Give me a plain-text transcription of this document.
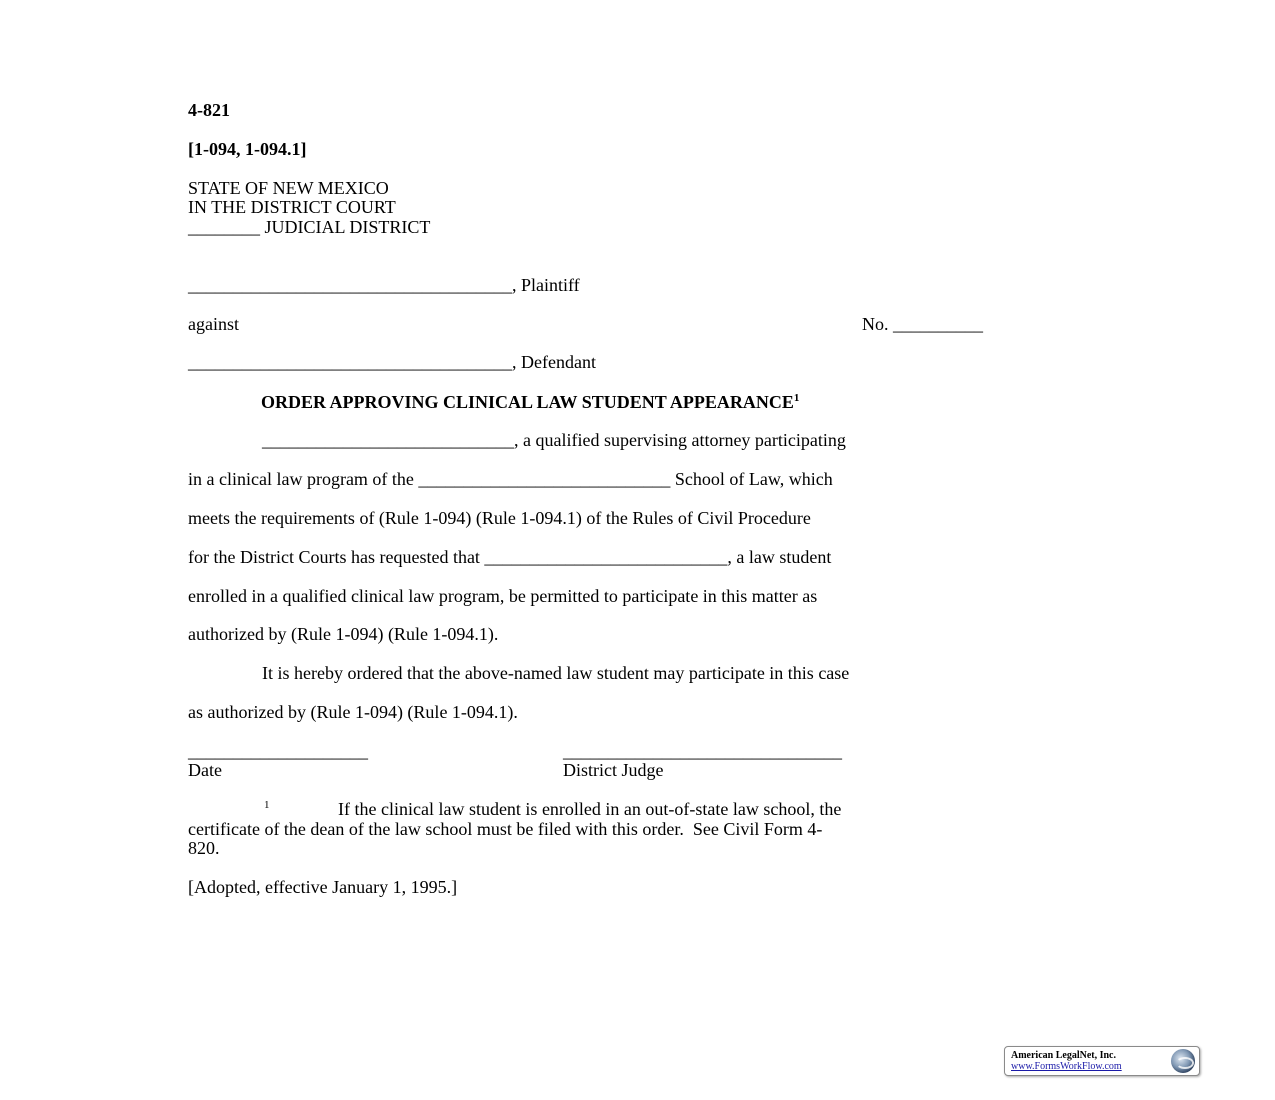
4-821
[1-094, 1-094.1]
STATE OF NEW MEXICO
IN THE DISTRICT COURT
________ JUDICIAL DISTRICT
____________________________________, Plaintiff
against	No. __________
____________________________________, Defendant
ORDER APPROVING CLINICAL LAW STUDENT APPEARANCE$^1$
____________________________, a qualified supervising attorney participating
in a clinical law program of the ____________________________ School of Law, which
meets the requirements of (Rule 1-094) (Rule 1-094.1) of the Rules of Civil Procedure
for the District Courts has requested that ___________________________, a law student
enrolled in a qualified clinical law program, be permitted to participate in this matter as
authorized by (Rule 1-094) (Rule 1-094.1).
It is hereby ordered that the above-named law student may participate in this case
as authorized by (Rule 1-094) (Rule 1-094.1).
____________________
Date
_______________________________
District Judge
1	If the clinical law student is enrolled in an out-of-state law school, the
certificate of the dean of the law school must be filed with this order.  See Civil Form 4-
820.
[Adopted, effective January 1, 1995.]
American LegalNet, Inc.
www.FormsWorkFlow.com
